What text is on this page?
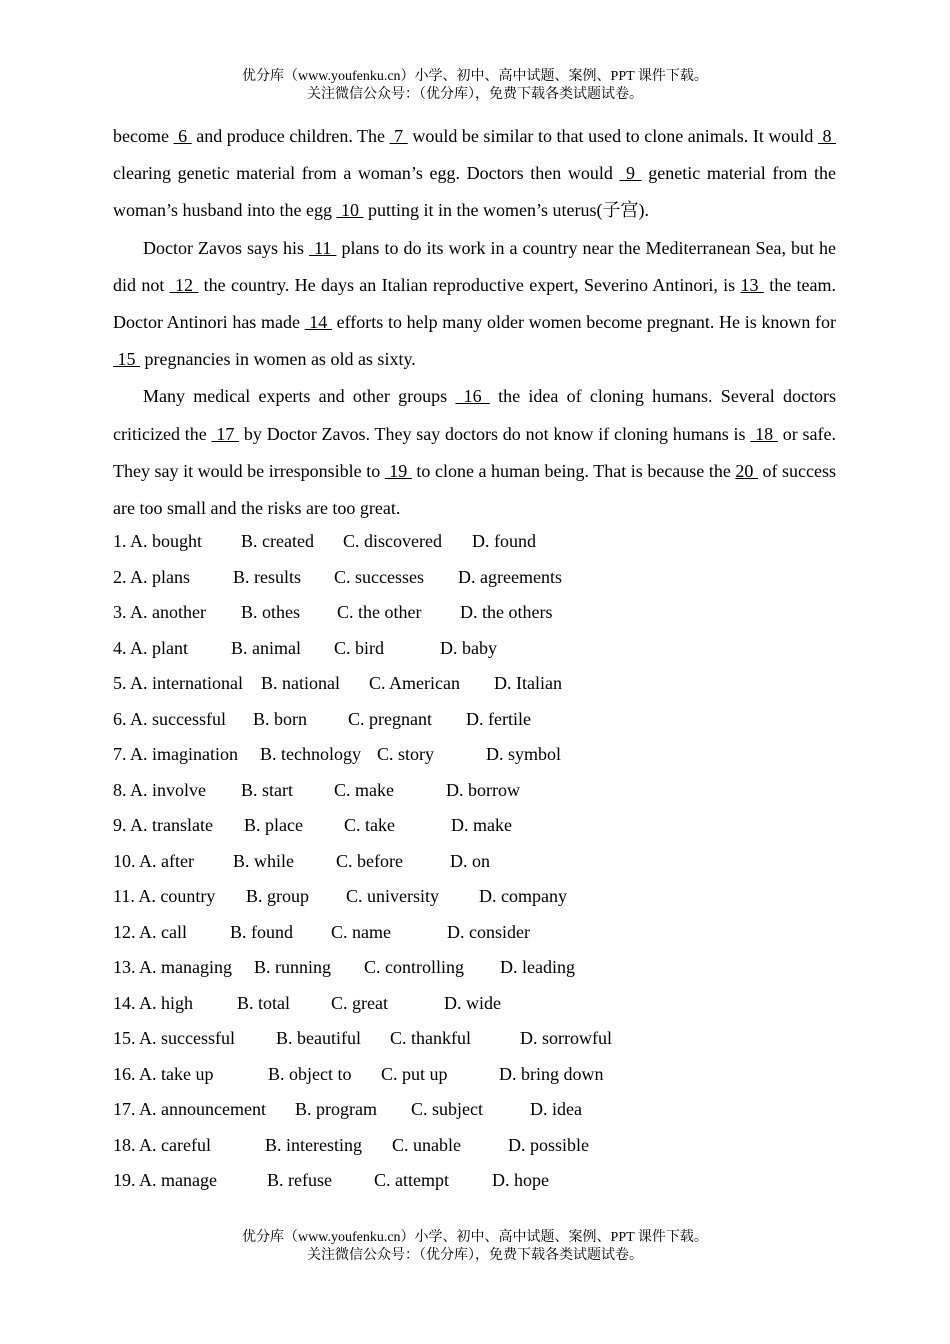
优分库（www.youfenku.cn）小学、初中、高中试题、案例、PPT 课件下载。
关注微信公众号：（优分库），免费下载各类试题试卷。

become  6  and produce children. The  7  would be similar to that used to clone animals. It would  8  clearing genetic material from a woman’s egg. Doctors then would  9  genetic material from the woman’s husband into the egg  10  putting it in the women’s uterus(子宫).

Doctor Zavos says his  11  plans to do its work in a country near the Mediterranean Sea, but he did not  12  the country. He days an Italian reproductive expert, Severino Antinori, is 13  the team. Doctor Antinori has made  14  efforts to help many older women become pregnant. He is known for  15  pregnancies in women as old as sixty.

Many medical experts and other groups  16  the idea of cloning humans. Several doctors criticized the  17  by Doctor Zavos. They say doctors do not know if cloning humans is  18  or safe. They say it would be irresponsible to  19  to clone a human being. That is because the 20  of success are too small and the risks are too great.

1. A. bought B. created C. discovered D. found
2. A. plans B. results C. successes D. agreements
3. A. another B. othes C. the other D. the others
4. A. plant B. animal C. bird	D. baby
5. A. international B. national C. American D. Italian
6. A. successful B. born C. pregnant D. fertile
7. A. imagination B. technology C. story	D. symbol
8. A. involve B. start C. make	D. borrow
9. A. translate B. place C. take	D. make
10. A. after B. while C. before	D. on
11. A. country B. group C. university D. company
12. A. call B. found C. name	D. consider
13. A. managing B. running C. controlling D. leading
14. A. high B. total C. great	D. wide
15. A. successful B. beautiful C. thankful	D. sorrowful
16. A. take up	B. object to C. put up	D. bring down
17. A. announcement B. program C. subject	D. idea
18. A. careful	B. interesting C. unable	D. possible
19. A. manage	B. refuse C. attempt D. hope
优分库（www.youfenku.cn）小学、初中、高中试题、案例、PPT 课件下载。
关注微信公众号：（优分库），免费下载各类试题试卷。
